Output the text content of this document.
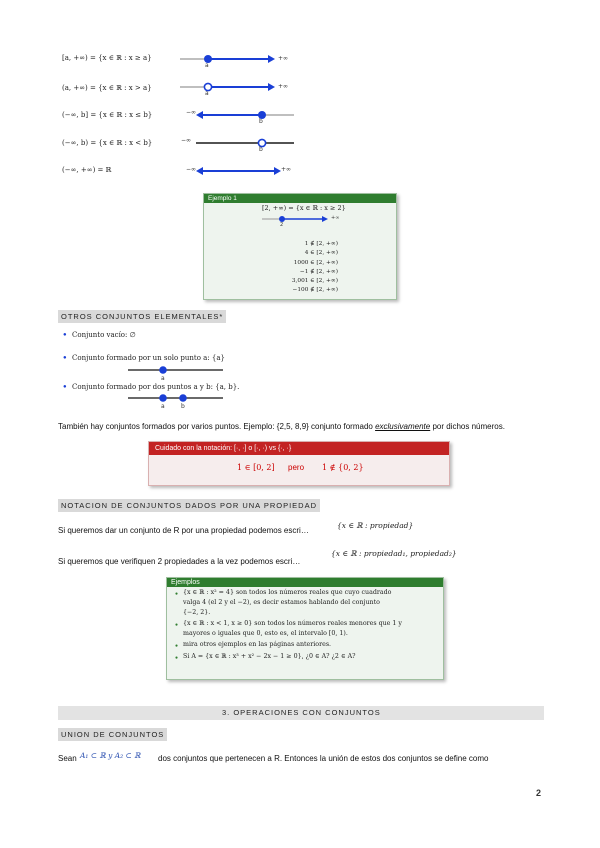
[a, +∞) = {x ∈ ℝ : x ≥ a}
a
+∞
(a, +∞) = {x ∈ ℝ : x > a}
a
+∞
(−∞, b] = {x ∈ ℝ : x ≤ b}	−∞
b
(−∞, b) = {x ∈ ℝ : x < b}	−∞
b
(−∞, +∞) = ℝ	−∞	+∞
Ejemplo 1
[2, +∞) = {x ∈ ℝ : x ≥ 2}
2
+∞
1 ∉ [2, +∞)
4 ∈ [2, +∞)
1000 ∈ [2, +∞)
−1 ∉ [2, +∞)
3,001 ∈ [2, +∞)
−100 ∉ [2, +∞)
OTROS CONJUNTOS ELEMENTALES*
● Conjunto vacío: ∅
● Conjunto formado por un solo punto a: {a}
a
● Conjunto formado por dos puntos a y b: {a, b}.
a	b
También hay conjuntos formados por varios puntos. Ejemplo: {2,5, 8,9} conjunto formado exclusivamente por dichos números.
Cuidado con la notación: [·, ·] o [·, ·) vs {·, ·}
1 ∈ [0, 2] pero 1 ∉ {0, 2}
NOTACION DE CONJUNTOS DADOS POR UNA PROPIEDAD
Si queremos dar un conjunto de R por una propiedad podemos escri…
{x ∈ ℝ : propiedad}
Si queremos que verifiquen 2 propiedades a la vez podemos escri…
{x ∈ ℝ : propiedad₁, propiedad₂}
Ejemplos
● {x ∈ ℝ : x² = 4} son todos los números reales que cuyo cuadrado
valga 4 (el 2 y el −2), es decir estamos hablando del conjunto
{−2, 2}.
● {x ∈ ℝ : x < 1, x ≥ 0} son todos los números reales menores que 1 y
mayores o iguales que 0, esto es, el intervalo [0, 1).
● mira otros ejemplos en las páginas anteriores.
● Si A = {x ∈ ℝ : x³ + x² − 2x − 1 ≥ 0}, ¿0 ∈ A? ¿2 ∈ A?
3. OPERACIONES CON CONJUNTOS
UNION DE CONJUNTOS
Sean A₁ ⊂ ℝ y A₂ ⊂ ℝ dos conjuntos que pertenecen a R. Entonces la unión de estos dos conjuntos se define como
2
